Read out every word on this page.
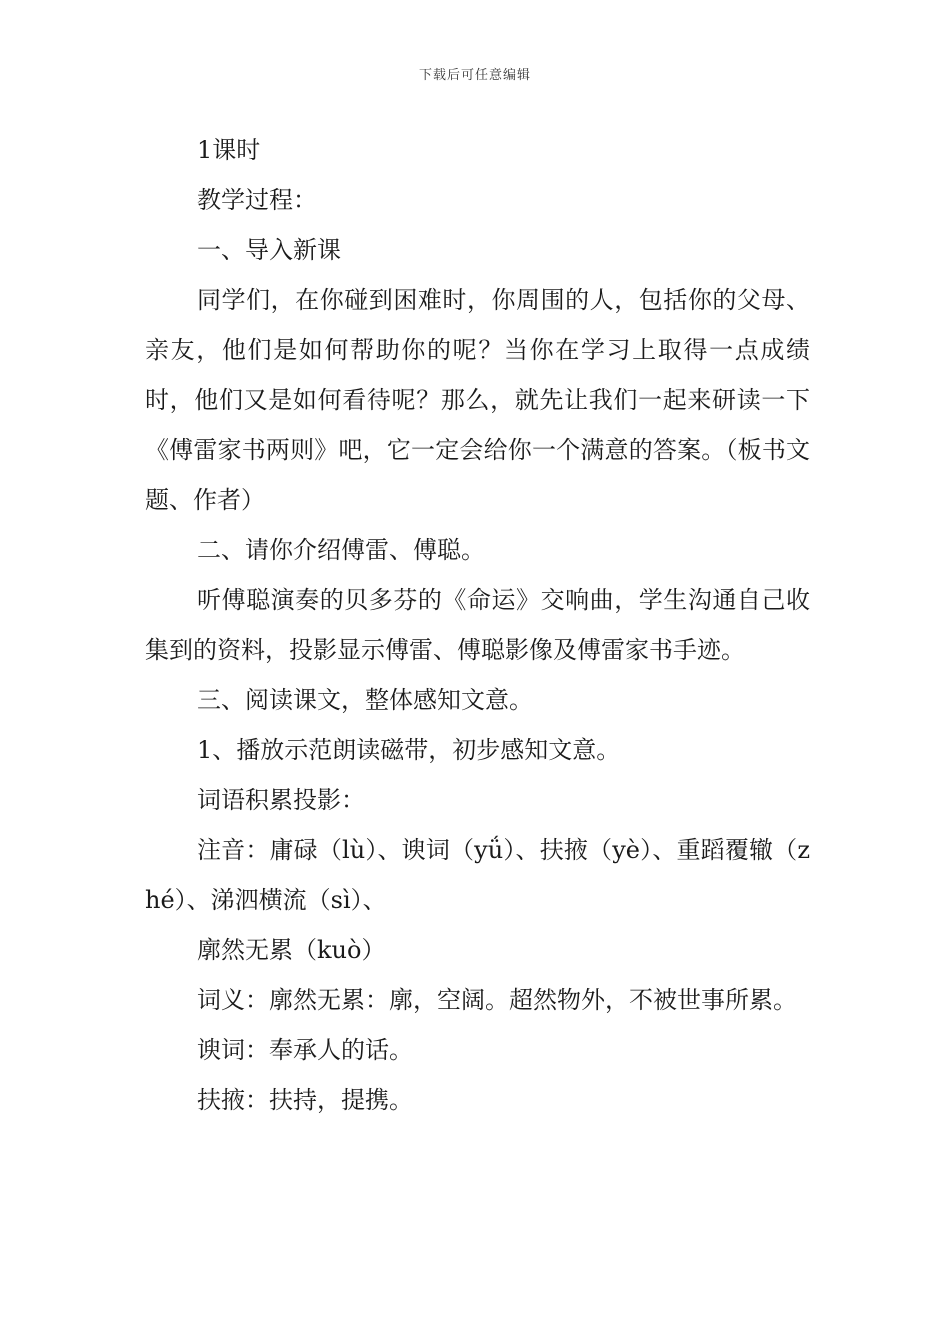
下载后可任意编辑

1课时

教学过程：

一、导入新课

同学们，在你碰到困难时，你周围的人，包括你的父母、亲友，他们是如何帮助你的呢？当你在学习上取得一点成绩时，他们又是如何看待呢？那么，就先让我们一起来研读一下《傅雷家书两则》吧，它一定会给你一个满意的答案。（板书文题、作者）

二、请你介绍傅雷、傅聪。

听傅聪演奏的贝多芬的《命运》交响曲，学生沟通自己收集到的资料，投影显示傅雷、傅聪影像及傅雷家书手迹。

三、阅读课文，整体感知文意。

1、播放示范朗读磁带，初步感知文意。

词语积累投影：

注音：庸碌（lù）、谀词（yǘ）、扶掖（yè）、重蹈覆辙（zhé）、涕泗横流（sì）、

廓然无累（kuò）

词义：廓然无累：廓，空阔。超然物外，不被世事所累。

谀词：奉承人的话。

扶掖：扶持，提携。
